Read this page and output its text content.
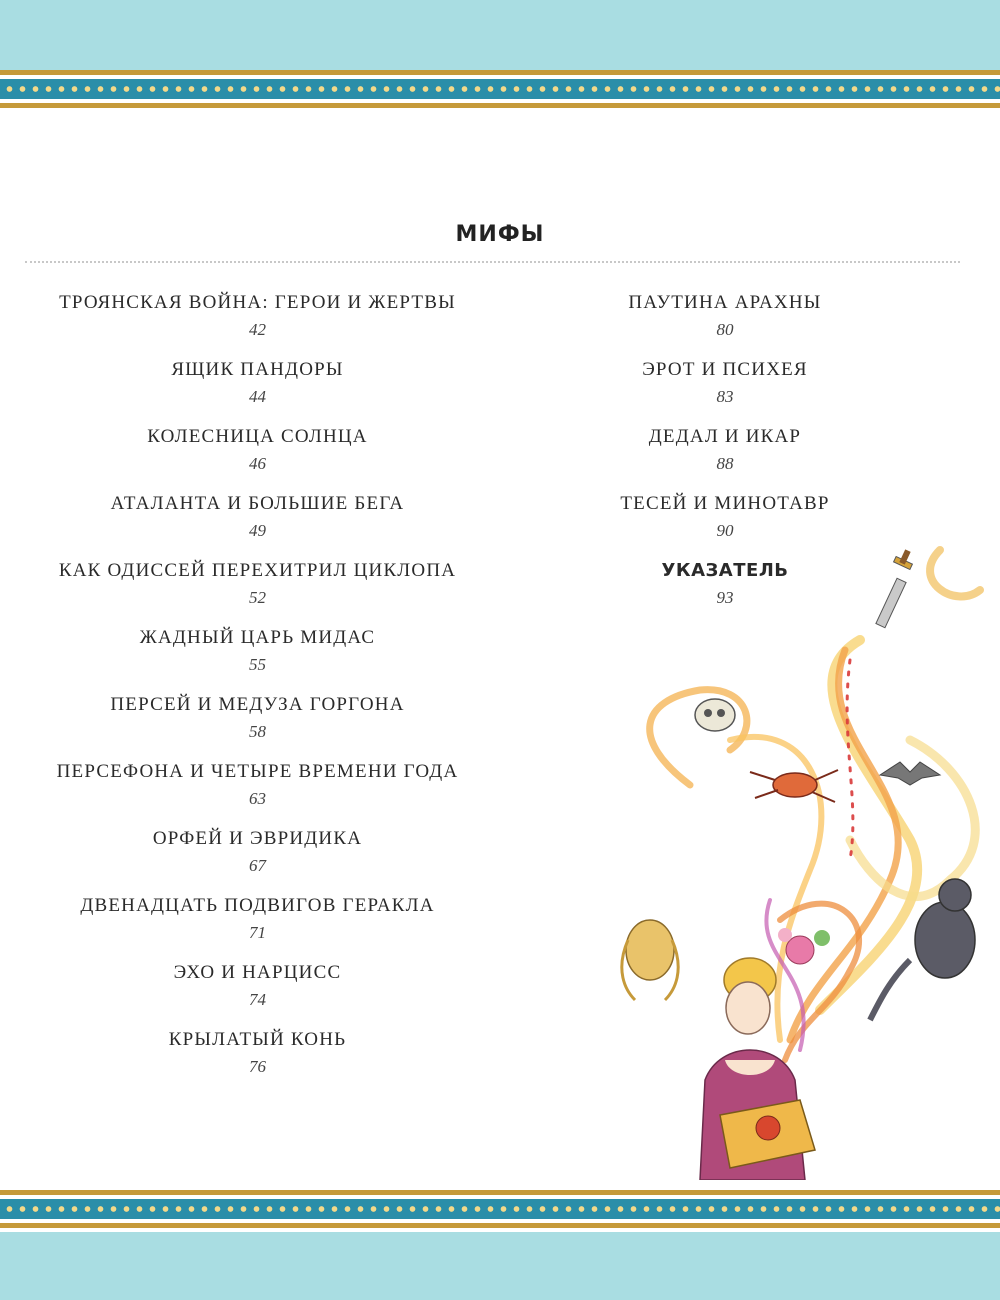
МИФЫ
ТРОЯНСКАЯ ВОЙНА: ГЕРОИ И ЖЕРТВЫ
42
ЯЩИК ПАНДОРЫ
44
КОЛЕСНИЦА СОЛНЦА
46
АТАЛАНТА И БОЛЬШИЕ БЕГА
49
КАК ОДИССЕЙ ПЕРЕХИТРИЛ ЦИКЛОПА
52
ЖАДНЫЙ ЦАРЬ МИДАС
55
ПЕРСЕЙ И МЕДУЗА ГОРГОНА
58
ПЕРСЕФОНА И ЧЕТЫРЕ ВРЕМЕНИ ГОДА
63
ОРФЕЙ И ЭВРИДИКА
67
ДВЕНАДЦАТЬ ПОДВИГОВ ГЕРАКЛА
71
ЭХО И НАРЦИСС
74
КРЫЛАТЫЙ КОНЬ
76
ПАУТИНА АРАХНЫ
80
ЭРОТ И ПСИХЕЯ
83
ДЕДАЛ И ИКАР
88
ТЕСЕЙ И МИНОТАВР
90
УКАЗАТЕЛЬ
93
